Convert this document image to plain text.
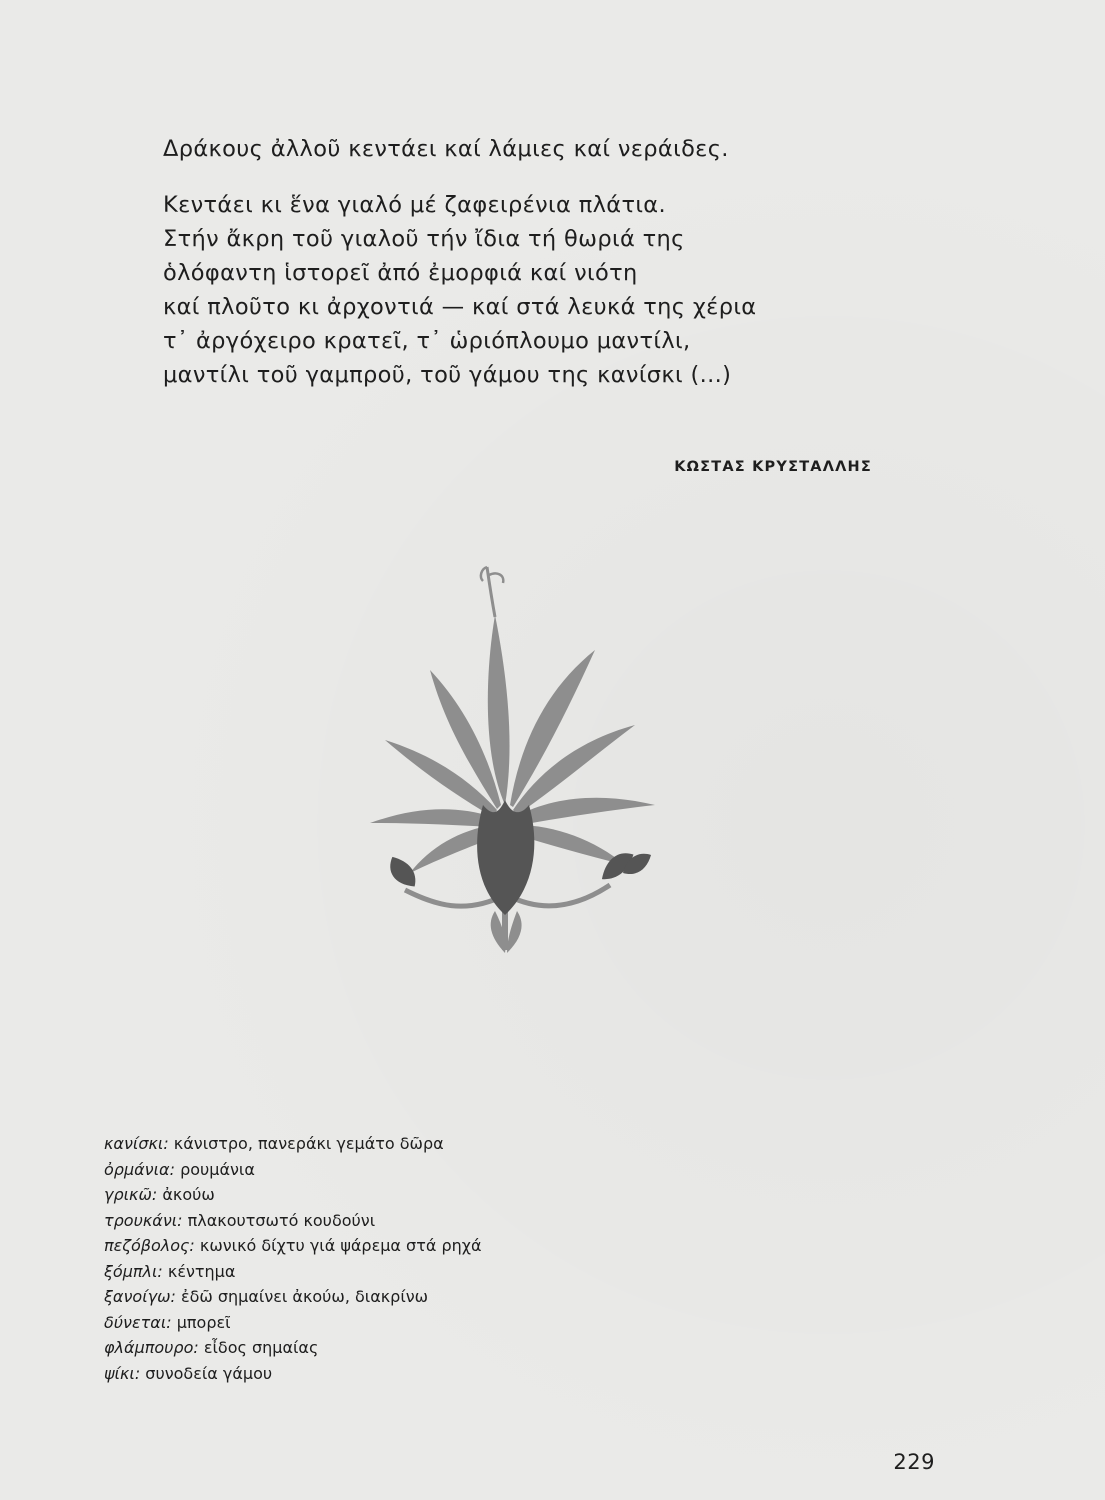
Δράκους ἀλλοῦ κεντάει καί λάμιες καί νεράιδες.
Κεντάει κι ἕνα γιαλό μέ ζαφειρένια πλάτια.
Στήν ἄκρη τοῦ γιαλοῦ τήν ἴδια τή θωριά της
ὁλόφαντη ἱστορεῖ ἀπό ἐμορφιά καί νιότη
καί πλοῦτο κι ἀρχοντιά — καί στά λευκά της χέρια
τ᾽ ἀργόχειρο κρατεῖ, τ᾽ ὡριόπλουμο μαντίλι,
μαντίλι τοῦ γαμπροῦ, τοῦ γάμου της κανίσκι (...)
ΚΩΣΤΑΣ ΚΡΥΣΤΑΛΛΗΣ
κανίσκι: κάνιστρο, πανεράκι γεμάτο δῶρα
ὀρμάνια: ρουμάνια
γρικῶ: ἀκούω
τρουκάνι: πλακουτσωτό κουδούνι
πεζόβολος: κωνικό δίχτυ γιά ψάρεμα στά ρηχά
ξόμπλι: κέντημα
ξανοίγω: ἐδῶ σημαίνει ἀκούω, διακρίνω
δύνεται: μπορεῖ
φλάμπουρο: εἶδος σημαίας
ψίκι: συνοδεία γάμου
229
